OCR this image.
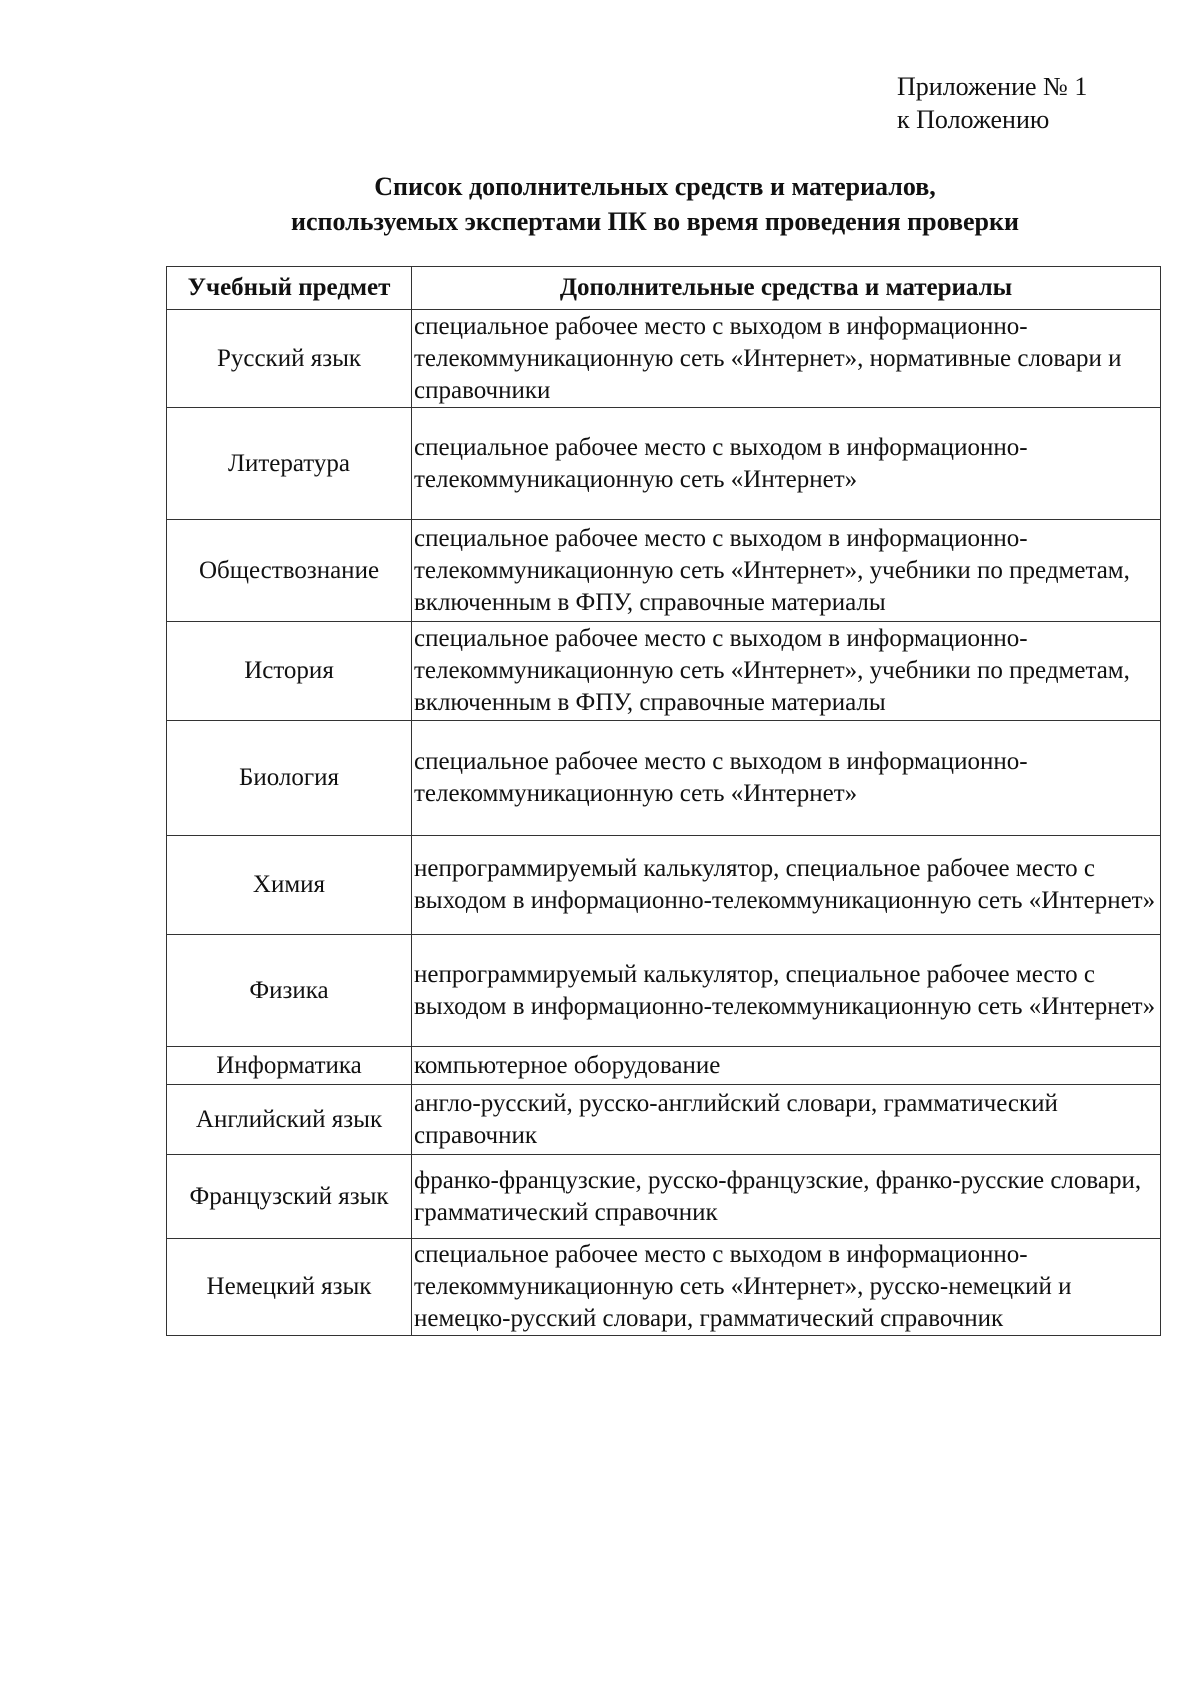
Приложение № 1
к Положению
Список дополнительных средств и материалов,
используемых экспертами ПК во время проведения проверки
Учебный предмет	Дополнительные средства и материалы
Русский язык	специальное рабочее место с выходом в информационно-телекоммуникационную сеть «Интернет», нормативные словари и справочники
Литература	специальное рабочее место с выходом в информационно-телекоммуникационную сеть «Интернет»
Обществознание	специальное рабочее место с выходом в информационно-телекоммуникационную сеть «Интернет», учебники по предметам, включенным в ФПУ, справочные материалы
История	специальное рабочее место с выходом в информационно-телекоммуникационную сеть «Интернет», учебники по предметам, включенным в ФПУ, справочные материалы
Биология	специальное рабочее место с выходом в информационно-телекоммуникационную сеть «Интернет»
Химия	непрограммируемый калькулятор, специальное рабочее место с выходом в информационно-телекоммуникационную сеть «Интернет»
Физика	непрограммируемый калькулятор, специальное рабочее место с выходом в информационно-телекоммуникационную сеть «Интернет»
Информатика	компьютерное оборудование
Английский язык	англо-русский, русско-английский словари, грамматический справочник
Французский язык	франко-французские, русско-французские, франко-русские словари, грамматический справочник
Немецкий язык	специальное рабочее место с выходом в информационно-телекоммуникационную сеть «Интернет», русско-немецкий и немецко-русский словари, грамматический справочник
